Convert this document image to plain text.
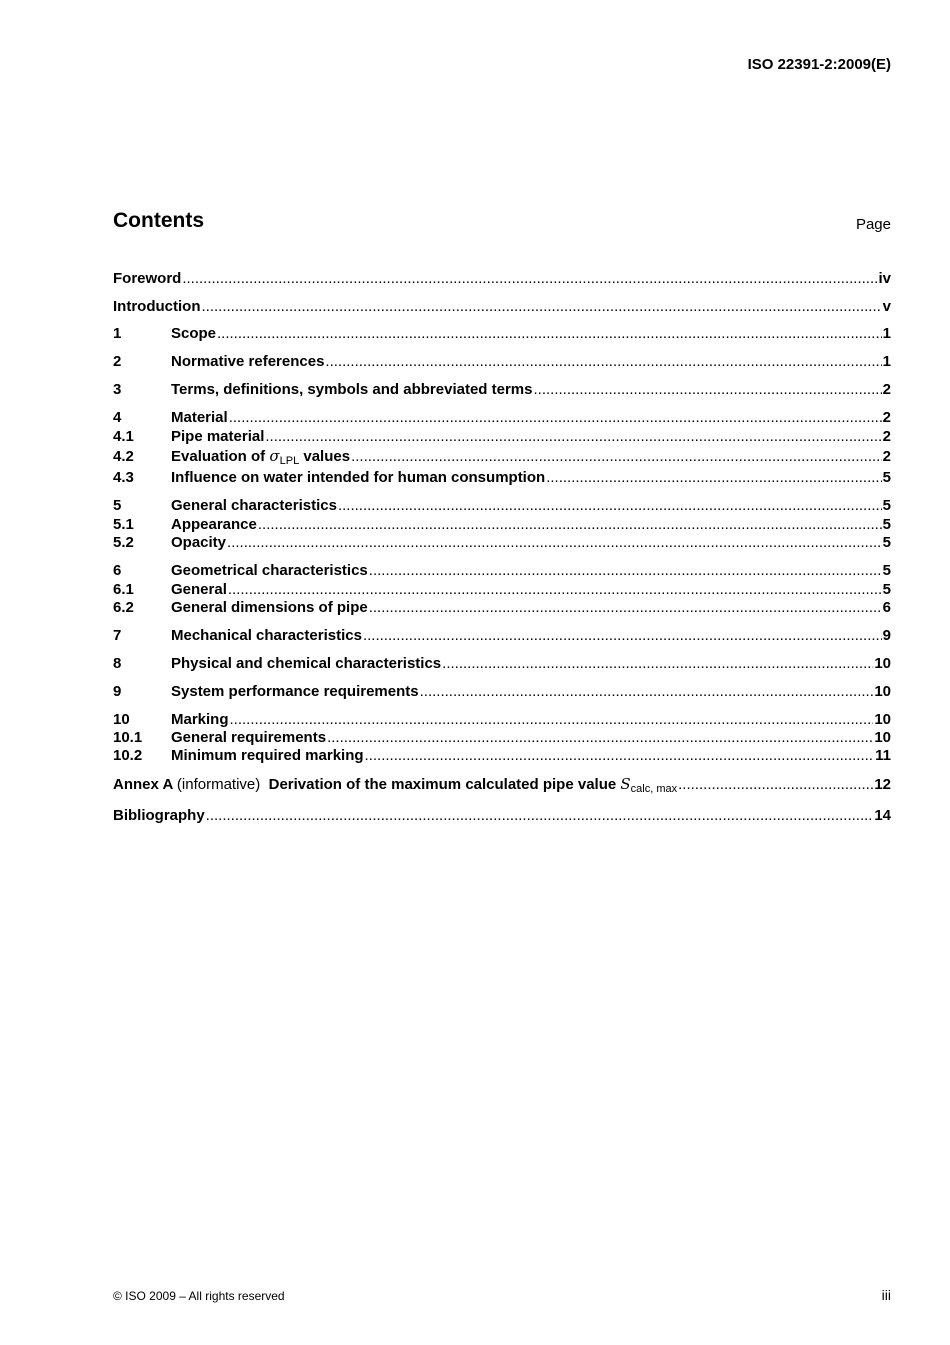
ISO 22391-2:2009(E)
Contents	Page
Foreword .....	iv
Introduction .....	v
1	Scope .....	1
2	Normative references .....	1
3	Terms, definitions, symbols and abbreviated terms .....	2
4	Material .....	2
4.1	Pipe material .....	2
4.2	Evaluation of $\sigma_{LPL}$ values .....	2
4.3	Influence on water intended for human consumption .....	5
5	General characteristics .....	5
5.1	Appearance .....	5
5.2	Opacity .....	5
6	Geometrical characteristics .....	5
6.1	General .....	5
6.2	General dimensions of pipe .....	6
7	Mechanical characteristics .....	9
8	Physical and chemical characteristics .....	10
9	System performance requirements .....	10
10	Marking .....	10
10.1	General requirements .....	10
10.2	Minimum required marking .....	11
Annex A (informative) Derivation of the maximum calculated pipe value $S_{calc, max}$ .....	12
Bibliography .....	14
© ISO 2009 – All rights reserved	iii
